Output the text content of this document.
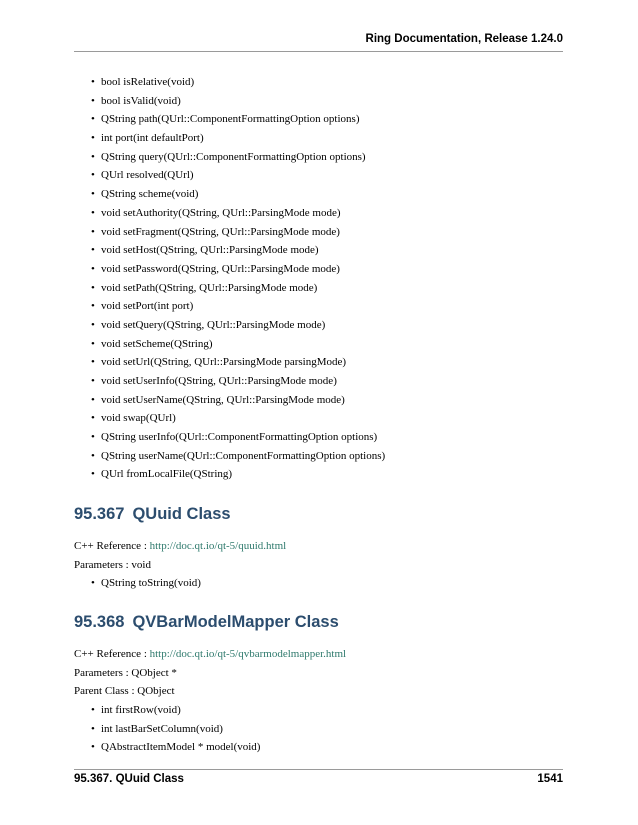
Ring Documentation, Release 1.24.0
• bool isRelative(void)
• bool isValid(void)
• QString path(QUrl::ComponentFormattingOption options)
• int port(int defaultPort)
• QString query(QUrl::ComponentFormattingOption options)
• QUrl resolved(QUrl)
• QString scheme(void)
• void setAuthority(QString, QUrl::ParsingMode mode)
• void setFragment(QString, QUrl::ParsingMode mode)
• void setHost(QString, QUrl::ParsingMode mode)
• void setPassword(QString, QUrl::ParsingMode mode)
• void setPath(QString, QUrl::ParsingMode mode)
• void setPort(int port)
• void setQuery(QString, QUrl::ParsingMode mode)
• void setScheme(QString)
• void setUrl(QString, QUrl::ParsingMode parsingMode)
• void setUserInfo(QString, QUrl::ParsingMode mode)
• void setUserName(QString, QUrl::ParsingMode mode)
• void swap(QUrl)
• QString userInfo(QUrl::ComponentFormattingOption options)
• QString userName(QUrl::ComponentFormattingOption options)
• QUrl fromLocalFile(QString)
95.367 QUuid Class
C++ Reference : http://doc.qt.io/qt-5/quuid.html
Parameters : void
• QString toString(void)
95.368 QVBarModelMapper Class
C++ Reference : http://doc.qt.io/qt-5/qvbarmodelmapper.html
Parameters : QObject *
Parent Class : QObject
• int firstRow(void)
• int lastBarSetColumn(void)
• QAbstractItemModel * model(void)
95.367. QUuid Class	1541
